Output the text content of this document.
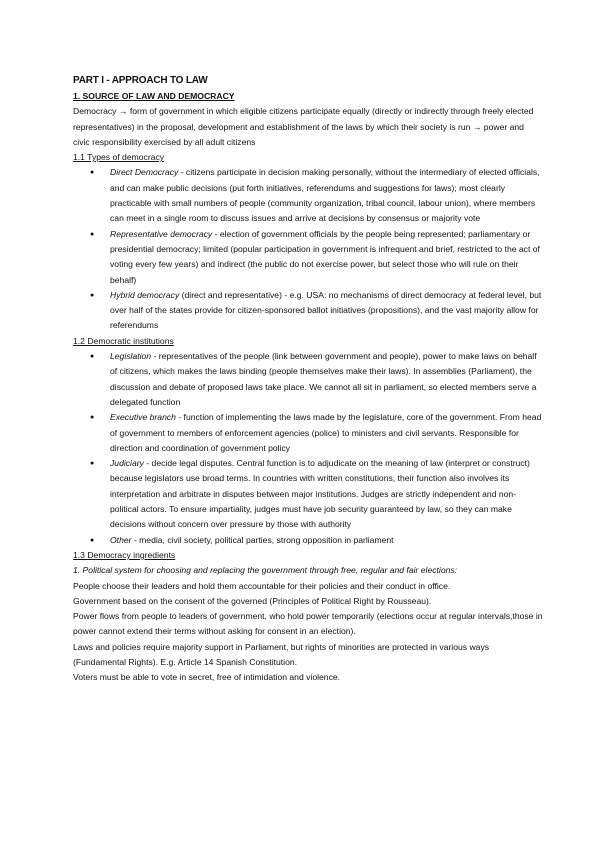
PART I - APPROACH TO LAW
1. SOURCE OF LAW AND DEMOCRACY

Democracy → form of government in which eligible citizens participate equally (directly or indirectly through freely elected representatives) in the proposal, development and establishment of the laws by which their society is run → power and civic responsibility exercised by all adult citizens

1.1 Types of democracy
● Direct Democracy - citizens participate in decision making personally, without the intermediary of elected officials, and can make public decisions (put forth initiatives, referendums and suggestions for laws); most clearly practicable with small numbers of people (community organization, tribal council, labour union), where members can meet in a single room to discuss issues and arrive at decisions by consensus or majority vote
● Representative democracy - election of government officials by the people being represented; parliamentary or presidential democracy; limited (popular participation in government is infrequent and brief, restricted to the act of voting every few years) and indirect (the public do not exercise power, but select those who will rule on their behalf)
● Hybrid democracy (direct and representative) - e.g. USA: no mechanisms of direct democracy at federal level, but over half of the states provide for citizen-sponsored ballot initiatives (propositions), and the vast majority allow for referendums
1.2 Democratic institutions
● Legislation - representatives of the people (link between government and people), power to make laws on behalf of citizens, which makes the laws binding (people themselves make their laws). In assemblies (Parliament), the discussion and debate of proposed laws take place. We cannot all sit in parliament, so elected members serve a delegated function
● Executive branch - function of implementing the laws made by the legislature, core of the government. From head of government to members of enforcement agencies (police) to ministers and civil servants. Responsible for direction and coordination of government policy
● Judiciary - decide legal disputes. Central function is to adjudicate on the meaning of law (interpret or construct) because legislators use broad terms. In countries with written constitutions, their function also involves its interpretation and arbitrate in disputes between major institutions. Judges are strictly independent and non-political actors. To ensure impartiality, judges must have job security guaranteed by law, so they can make decisions without concern over pressure by those with authority
● Other - media, civil society, political parties, strong opposition in parliament
1.3 Democracy ingredients

1. Political system for choosing and replacing the government through free, regular and fair elections:

People choose their leaders and hold them accountable for their policies and their conduct in office.

Government based on the consent of the governed (Principles of Political Right by Rousseau).

Power flows from people to leaders of government, who hold power temporarily (elections occur at regular intervals,those in power cannot extend their terms without asking for consent in an election).

Laws and policies require majority support in Parliament, but rights of minorities are protected in various ways (Fundamental Rights). E.g. Article 14 Spanish Constitution.

Voters must be able to vote in secret, free of intimidation and violence.
